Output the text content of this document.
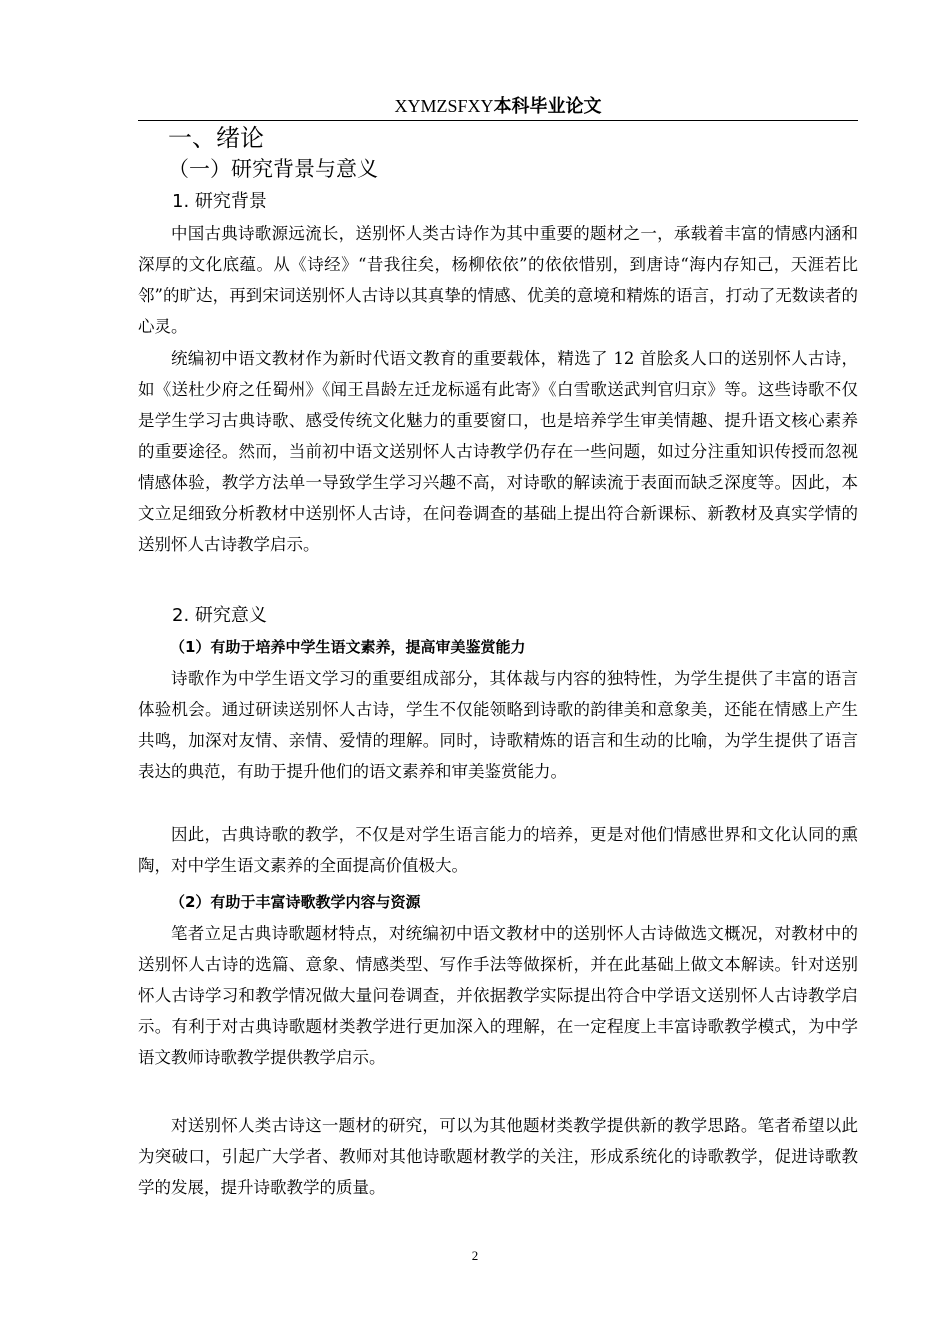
XYMZSFXY本科毕业论文
一、绪论
（一）研究背景与意义
1. 研究背景

中国古典诗歌源远流长，送别怀人类古诗作为其中重要的题材之一，承载着丰富的情感内涵和深厚的文化底蕴。从《诗经》“昔我往矣，杨柳依依”的依依惜别，到唐诗“海内存知己，天涯若比邻”的旷达，再到宋词送别怀人古诗以其真挚的情感、优美的意境和精炼的语言，打动了无数读者的心灵。

统编初中语文教材作为新时代语文教育的重要载体，精选了 12 首脍炙人口的送别怀人古诗，如《送杜少府之任蜀州》《闻王昌龄左迁龙标遥有此寄》《白雪歌送武判官归京》等。这些诗歌不仅是学生学习古典诗歌、感受传统文化魅力的重要窗口，也是培养学生审美情趣、提升语文核心素养的重要途径。然而，当前初中语文送别怀人古诗教学仍存在一些问题，如过分注重知识传授而忽视情感体验，教学方法单一导致学生学习兴趣不高，对诗歌的解读流于表面而缺乏深度等。因此，本文立足细致分析教材中送别怀人古诗，在问卷调查的基础上提出符合新课标、新教材及真实学情的送别怀人古诗教学启示。

2. 研究意义
（1）有助于培养中学生语文素养，提高审美鉴赏能力

诗歌作为中学生语文学习的重要组成部分，其体裁与内容的独特性，为学生提供了丰富的语言体验机会。通过研读送别怀人古诗，学生不仅能领略到诗歌的韵律美和意象美，还能在情感上产生共鸣，加深对友情、亲情、爱情的理解。同时，诗歌精炼的语言和生动的比喻，为学生提供了语言表达的典范，有助于提升他们的语文素养和审美鉴赏能力。

因此，古典诗歌的教学，不仅是对学生语言能力的培养，更是对他们情感世界和文化认同的熏陶，对中学生语文素养的全面提高价值极大。

（2）有助于丰富诗歌教学内容与资源

笔者立足古典诗歌题材特点，对统编初中语文教材中的送别怀人古诗做选文概况，对教材中的送别怀人古诗的选篇、意象、情感类型、写作手法等做探析，并在此基础上做文本解读。针对送别怀人古诗学习和教学情况做大量问卷调查，并依据教学实际提出符合中学语文送别怀人古诗教学启示。有利于对古典诗歌题材类教学进行更加深入的理解，在一定程度上丰富诗歌教学模式，为中学语文教师诗歌教学提供教学启示。

对送别怀人类古诗这一题材的研究，可以为其他题材类教学提供新的教学思路。笔者希望以此为突破口，引起广大学者、教师对其他诗歌题材教学的关注，形成系统化的诗歌教学，促进诗歌教学的发展，提升诗歌教学的质量。

2
